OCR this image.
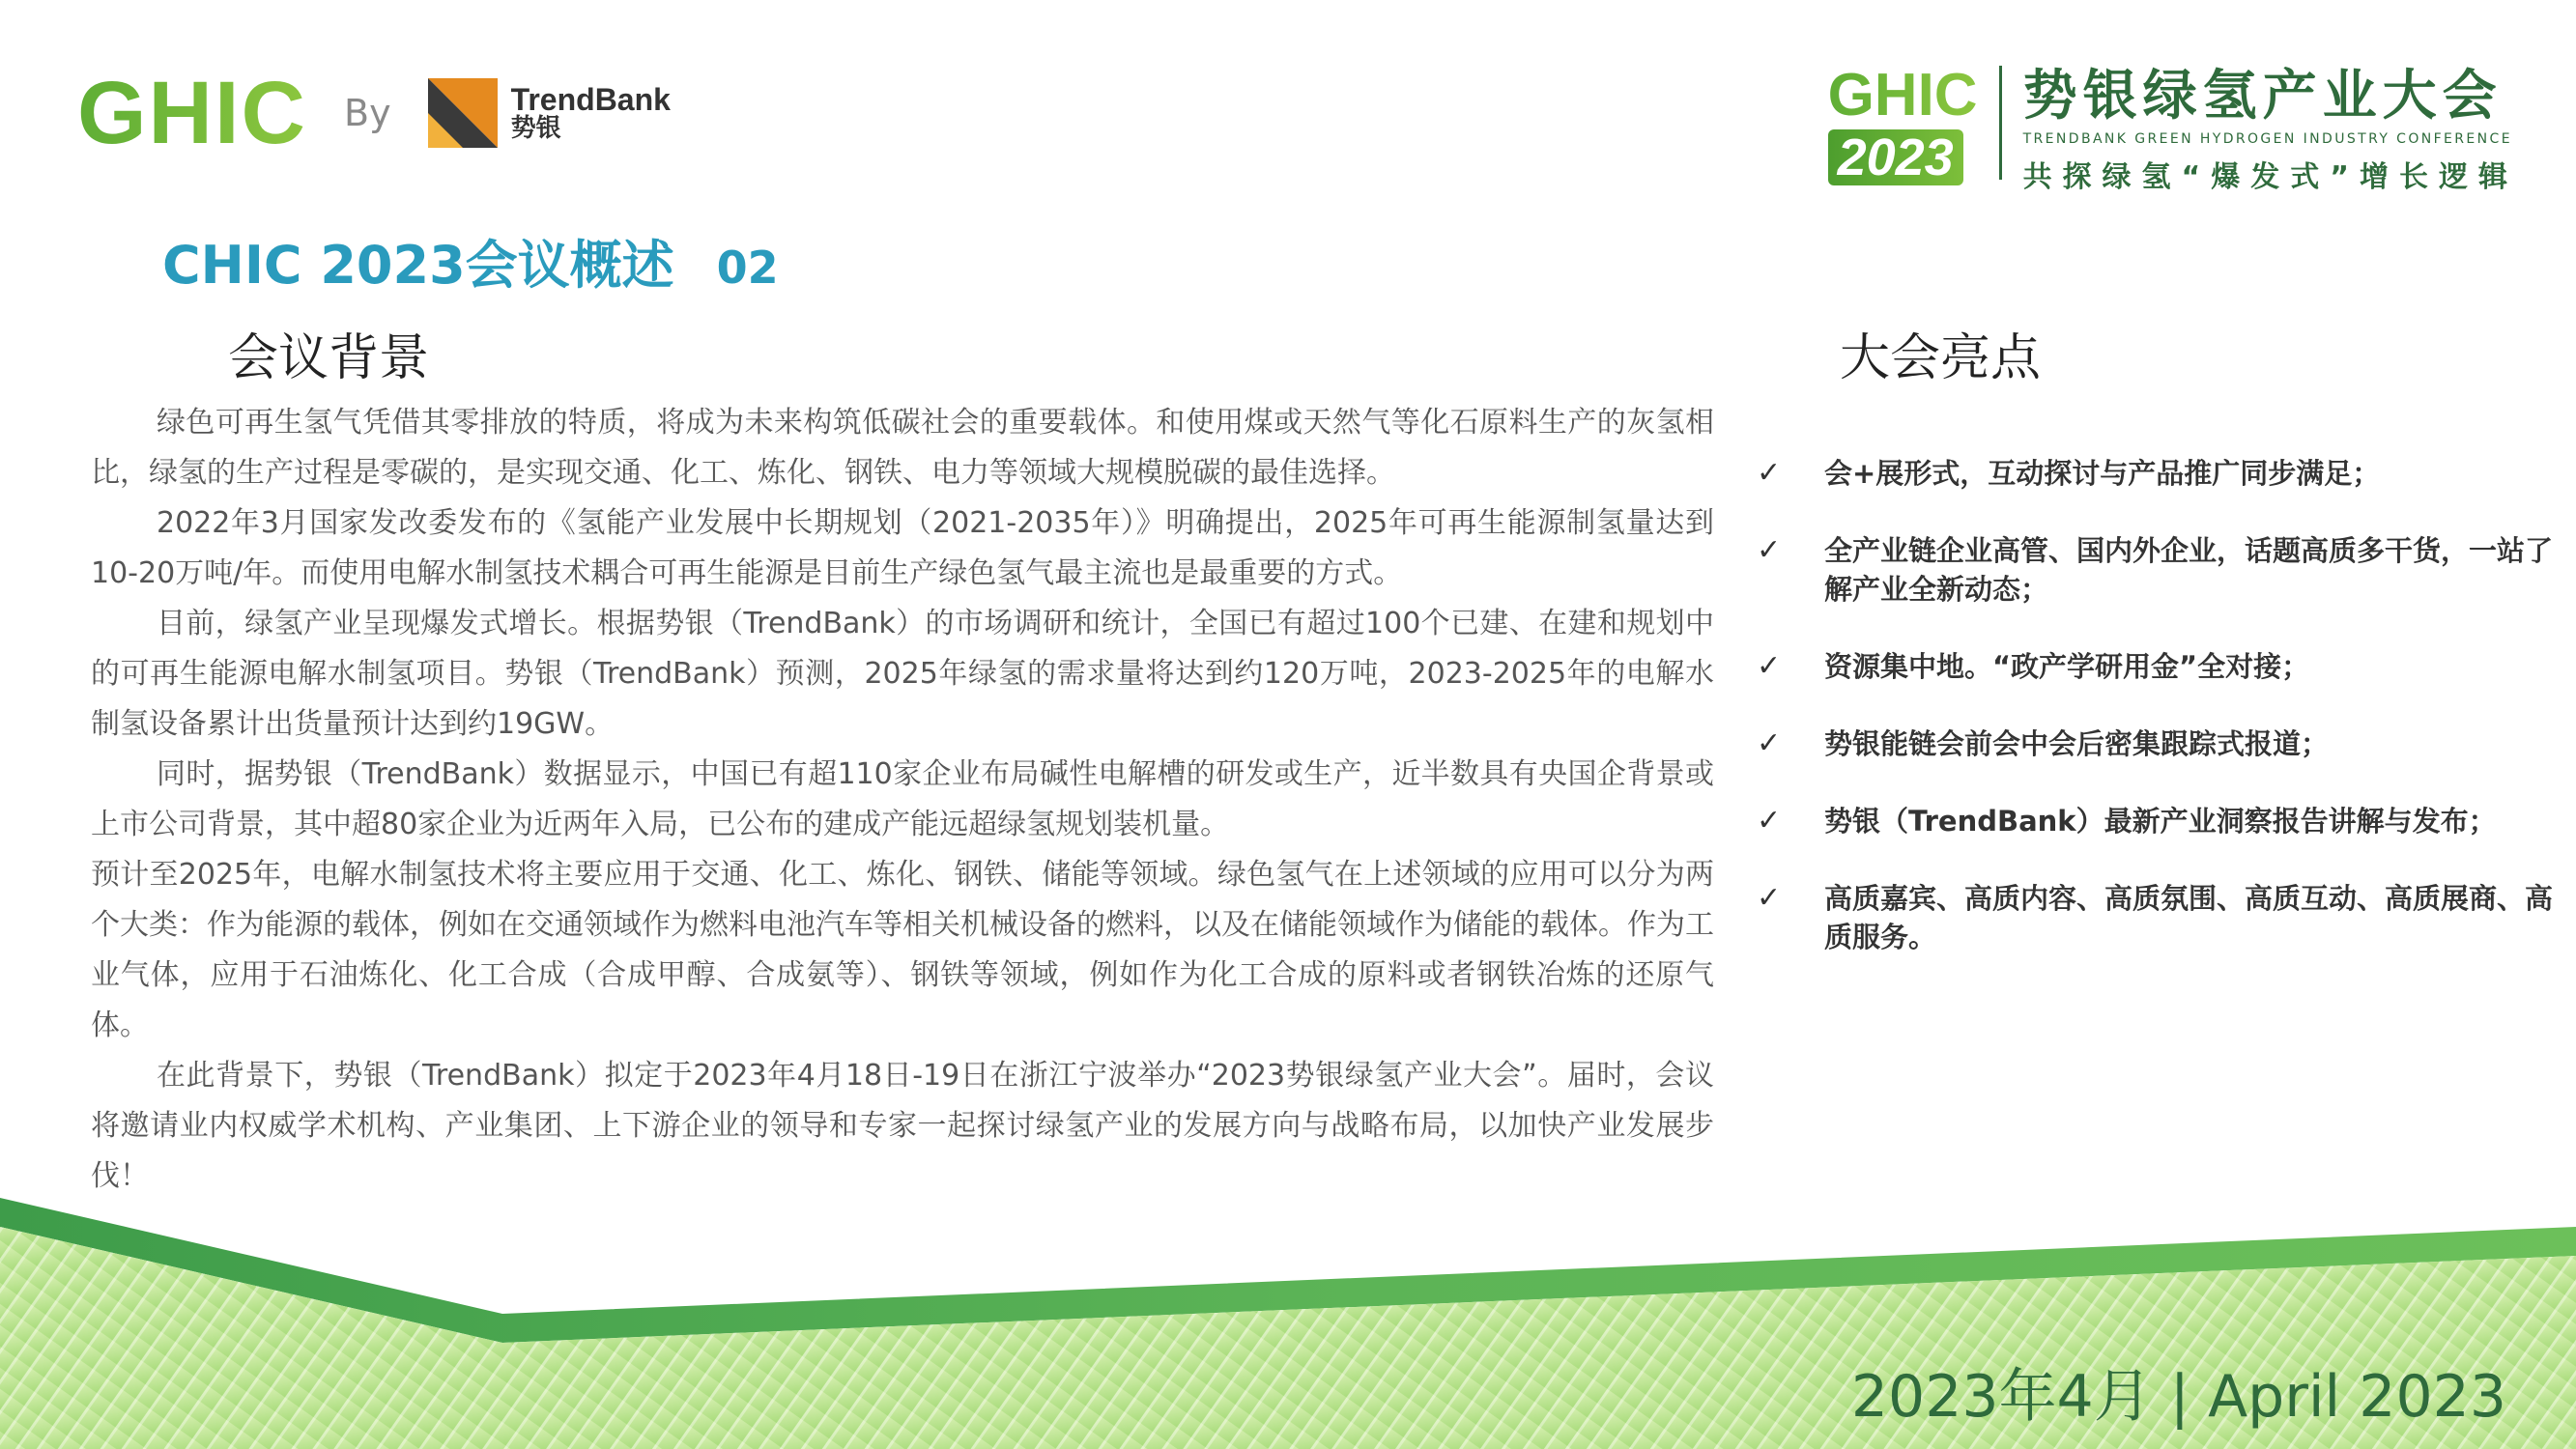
GHIC By	TrendBank
势银
GHIC
2023
势银绿氢产业大会
TRENDBANK GREEN HYDROGEN INDUSTRY CONFERENCE
共探绿氢“爆发式”增长逻辑
CHIC 2023会议概述 02
会议背景	大会亮点

绿色可再生氢气凭借其零排放的特质，将成为未来构筑低碳社会的重要载体。和使用煤或天然气等化石原料生产的灰氢相比，绿氢的生产过程是零碳的，是实现交通、化工、炼化、钢铁、电力等领域大规模脱碳的最佳选择。

2022年3月国家发改委发布的《氢能产业发展中长期规划（2021-2035年）》明确提出，2025年可再生能源制氢量达到10-20万吨/年。而使用电解水制氢技术耦合可再生能源是目前生产绿色氢气最主流也是最重要的方式。

目前，绿氢产业呈现爆发式增长。根据势银（TrendBank）的市场调研和统计，全国已有超过100个已建、在建和规划中的可再生能源电解水制氢项目。势银（TrendBank）预测，2025年绿氢的需求量将达到约120万吨，2023-2025年的电解水制氢设备累计出货量预计达到约19GW。

同时，据势银（TrendBank）数据显示，中国已有超110家企业布局碱性电解槽的研发或生产，近半数具有央国企背景或上市公司背景，其中超80家企业为近两年入局，已公布的建成产能远超绿氢规划装机量。

预计至2025年，电解水制氢技术将主要应用于交通、化工、炼化、钢铁、储能等领域。绿色氢气在上述领域的应用可以分为两个大类：作为能源的载体，例如在交通领域作为燃料电池汽车等相关机械设备的燃料，以及在储能领域作为储能的载体。作为工业气体，应用于石油炼化、化工合成（合成甲醇、合成氨等）、钢铁等领域，例如作为化工合成的原料或者钢铁冶炼的还原气体。

在此背景下，势银（TrendBank）拟定于2023年4月18日-19日在浙江宁波举办“2023势银绿氢产业大会”。届时，会议将邀请业内权威学术机构、产业集团、上下游企业的领导和专家一起探讨绿氢产业的发展方向与战略布局，以加快产业发展步伐！

✓	会+展形式，互动探讨与产品推广同步满足；
✓	全产业链企业高管、国内外企业，话题高质多干货，一站了解产业全新动态；
✓	资源集中地。“政产学研用金”全对接；
✓	势银能链会前会中会后密集跟踪式报道；
✓	势银（TrendBank）最新产业洞察报告讲解与发布；
✓	高质嘉宾、高质内容、高质氛围、高质互动、高质展商、高质服务。
2023年4月 | April 2023
